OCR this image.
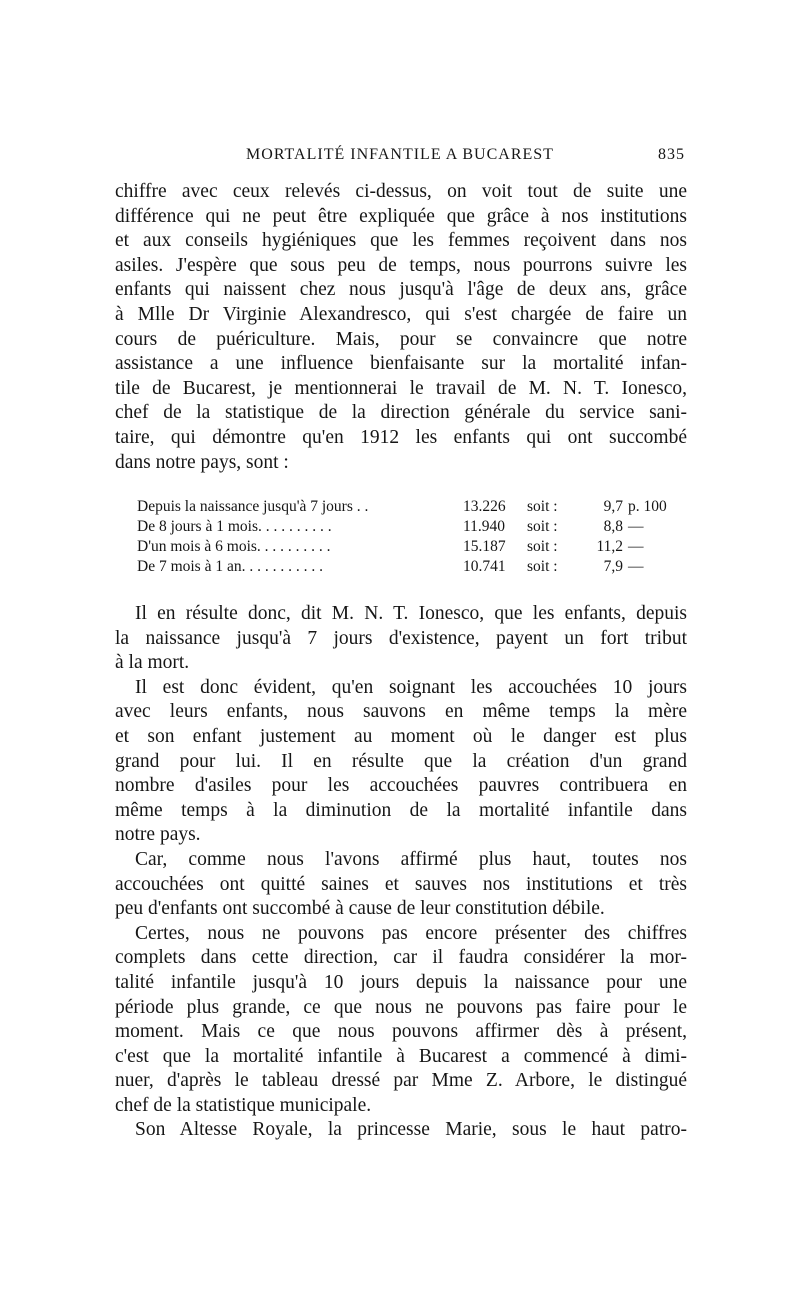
MORTALITÉ INFANTILE A BUCAREST	835
chiffre avec ceux relevés ci-dessus, on voit tout de suite une
différence qui ne peut être expliquée que grâce à nos institutions
et aux conseils hygiéniques que les femmes reçoivent dans nos
asiles. J'espère que sous peu de temps, nous pourrons suivre les
enfants qui naissent chez nous jusqu'à l'âge de deux ans, grâce
à Mlle Dr Virginie Alexandresco, qui s'est chargée de faire un
cours de puériculture. Mais, pour se convaincre que notre
assistance a une influence bienfaisante sur la mortalité infan-
tile de Bucarest, je mentionnerai le travail de M. N. T. Ionesco,
chef de la statistique de la direction générale du service sani-
taire, qui démontre qu'en 1912 les enfants qui ont succombé
dans notre pays, sont :
Depuis la naissance jusqu'à 7 jours . .	13.226 soit :	9,7 p. 100
De 8 jours à 1 mois. . . . . . . . . .	11.940 soit :	8,8 —
D'un mois à 6 mois. . . . . . . . . .	15.187 soit :	11,2 —
De 7 mois à 1 an. . . . . . . . . . .	10.741 soit :	7,9 —
Il en résulte donc, dit M. N. T. Ionesco, que les enfants, depuis
la naissance jusqu'à 7 jours d'existence, payent un fort tribut
à la mort.
Il est donc évident, qu'en soignant les accouchées 10 jours
avec leurs enfants, nous sauvons en même temps la mère
et son enfant justement au moment où le danger est plus
grand pour lui. Il en résulte que la création d'un grand
nombre d'asiles pour les accouchées pauvres contribuera en
même temps à la diminution de la mortalité infantile dans
notre pays.
Car, comme nous l'avons affirmé plus haut, toutes nos
accouchées ont quitté saines et sauves nos institutions et très
peu d'enfants ont succombé à cause de leur constitution débile.
Certes, nous ne pouvons pas encore présenter des chiffres
complets dans cette direction, car il faudra considérer la mor-
talité infantile jusqu'à 10 jours depuis la naissance pour une
période plus grande, ce que nous ne pouvons pas faire pour le
moment. Mais ce que nous pouvons affirmer dès à présent,
c'est que la mortalité infantile à Bucarest a commencé à dimi-
nuer, d'après le tableau dressé par Mme Z. Arbore, le distingué
chef de la statistique municipale.
Son Altesse Royale, la princesse Marie, sous le haut patro-
